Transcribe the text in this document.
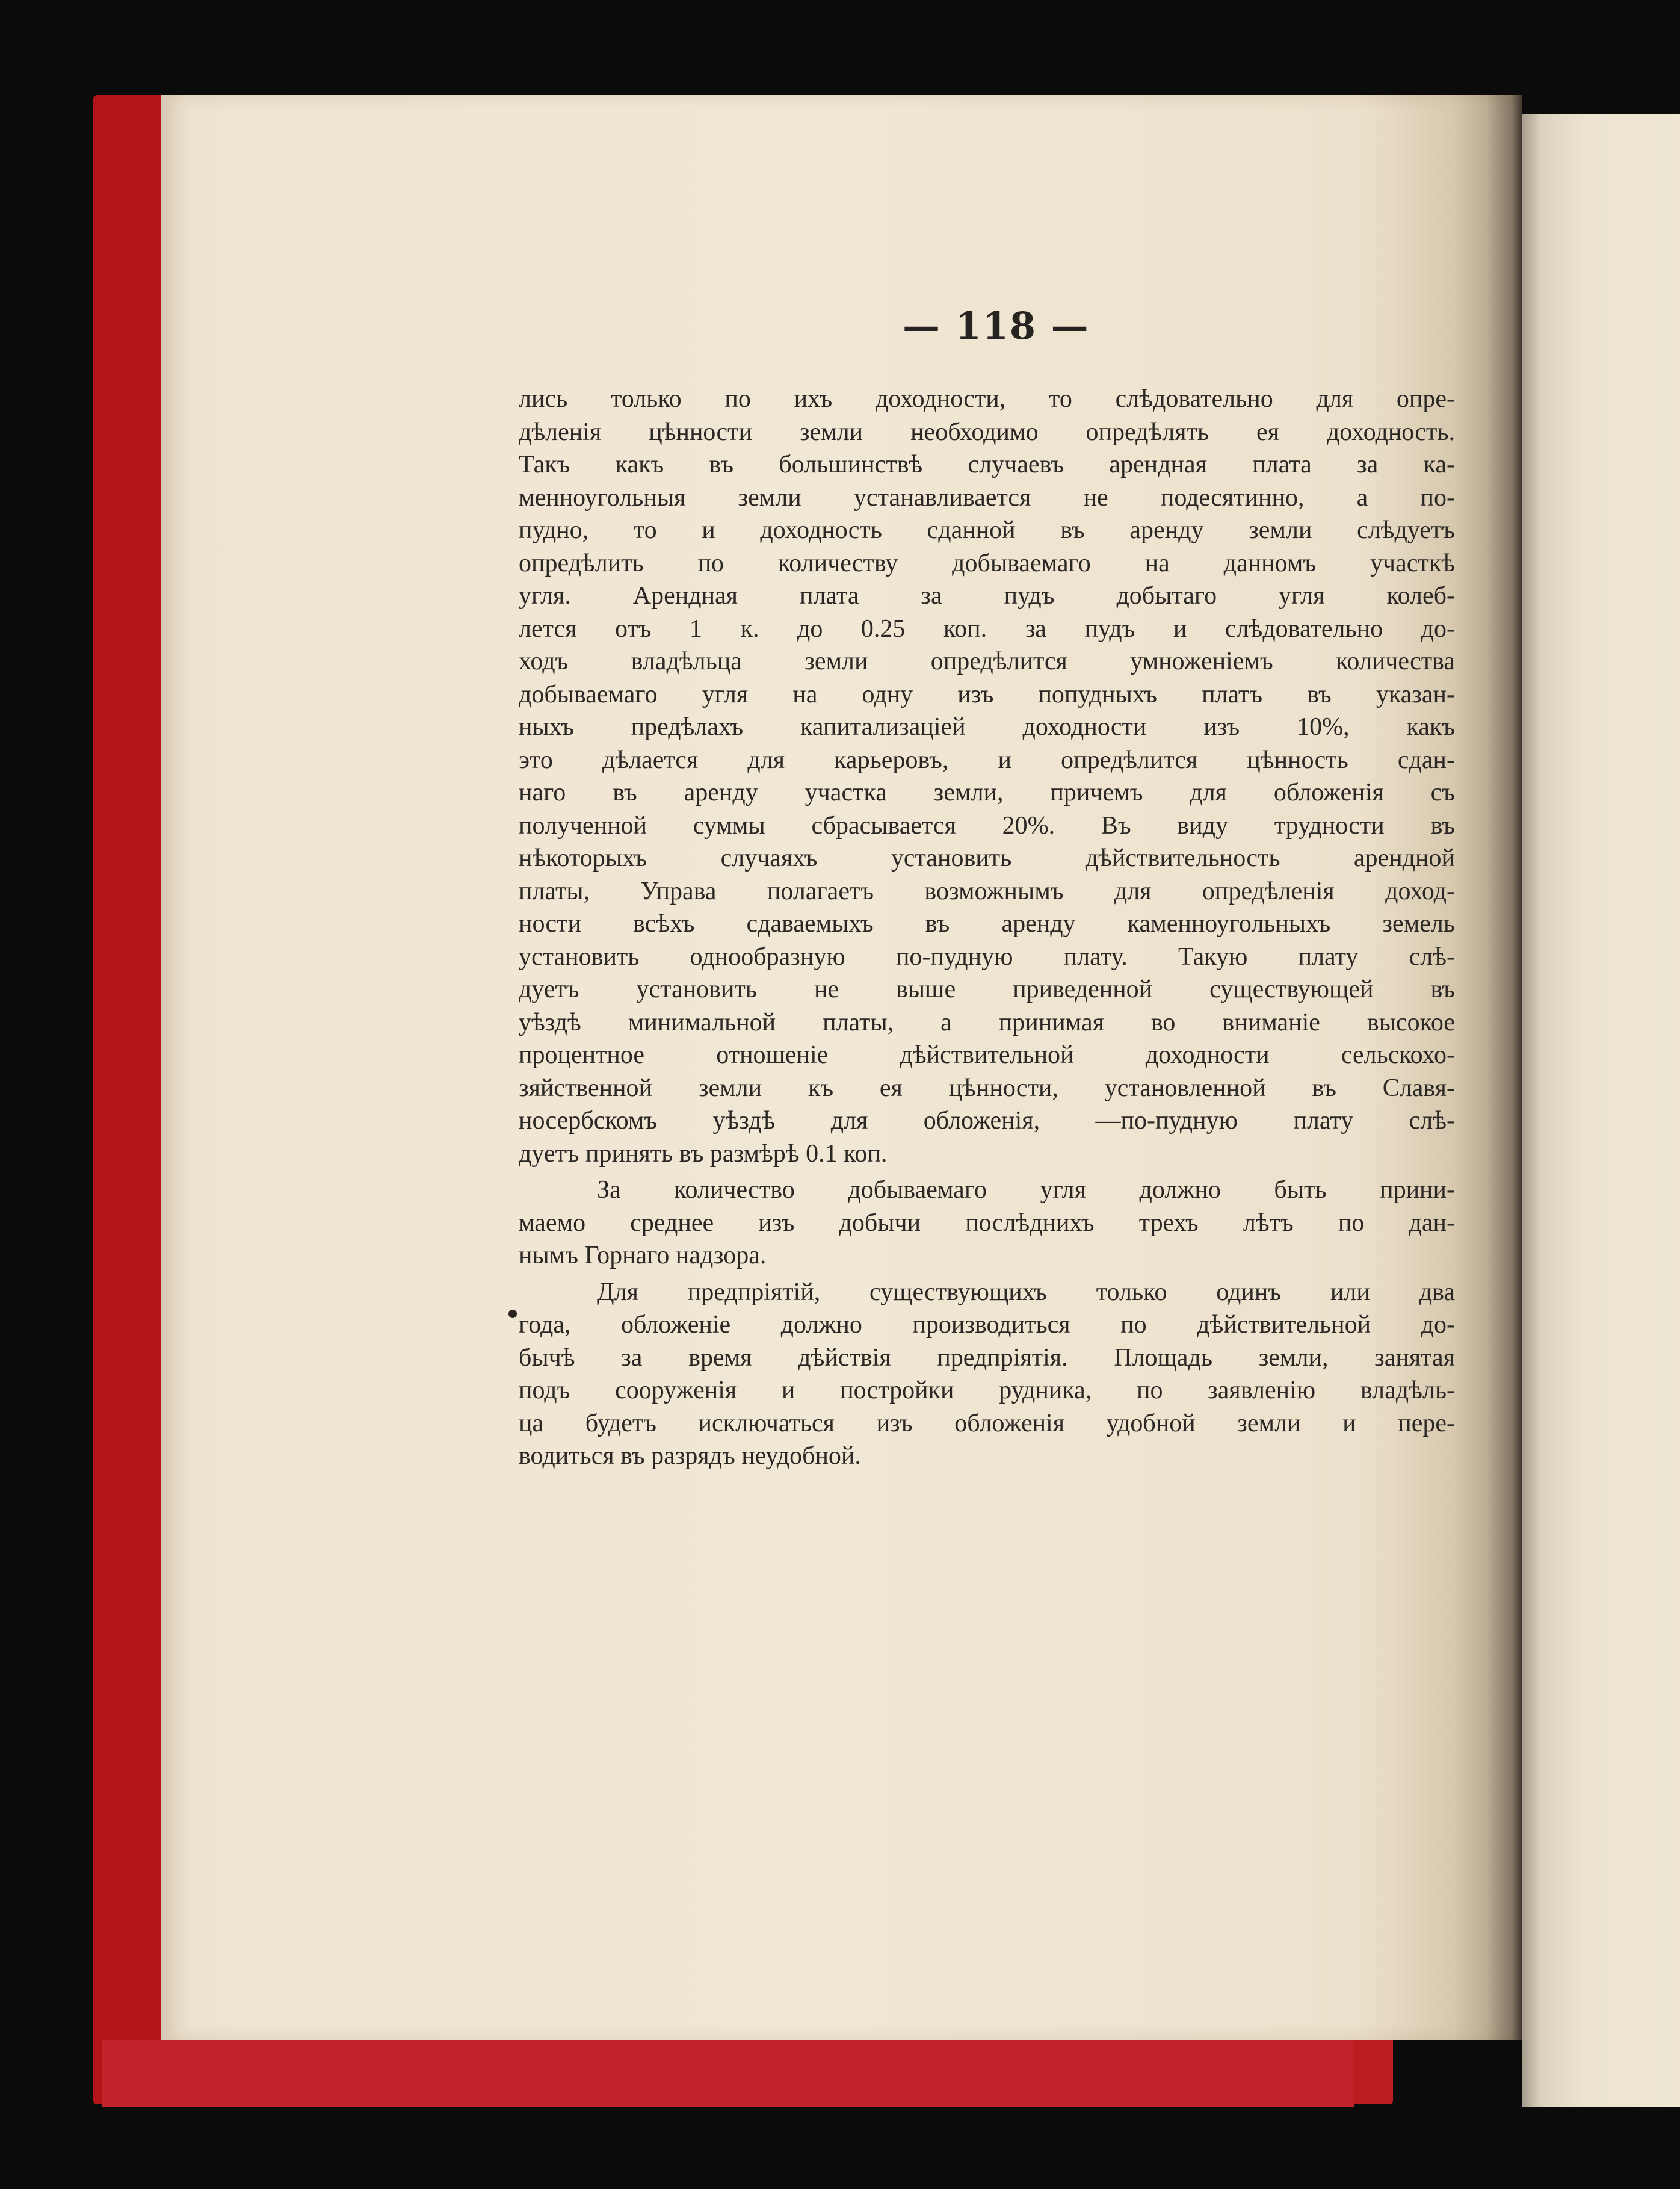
— 118 —
лись только по ихъ доходности, то слѣдовательно для опре-
дѣленія цѣнности земли необходимо опредѣлять ея доходность.
Такъ какъ въ большинствѣ случаевъ арендная плата за ка-
менноугольныя земли устанавливается не подесятинно, а по-
пудно, то и доходность сданной въ аренду земли слѣдуетъ
опредѣлить по количеству добываемаго на данномъ участкѣ
угля. Арендная плата за пудъ добытаго угля колеб-
лется отъ 1 к. до 0.25 коп. за пудъ и слѣдовательно до-
ходъ владѣльца земли опредѣлится умноженіемъ количества
добываемаго угля на одну изъ попудныхъ платъ въ указан-
ныхъ предѣлахъ капитализаціей доходности изъ 10%, какъ
это дѣлается для карьеровъ, и опредѣлится цѣнность сдан-
наго въ аренду участка земли, причемъ для обложенія съ
полученной суммы сбрасывается 20%. Въ виду трудности въ
нѣкоторыхъ случаяхъ установить дѣйствительность арендной
платы, Управа полагаетъ возможнымъ для опредѣленія доход-
ности всѣхъ сдаваемыхъ въ аренду каменноугольныхъ земель
установить однообразную по-пудную плату. Такую плату слѣ-
дуетъ установить не выше приведенной существующей въ
уѣздѣ минимальной платы, а принимая во вниманіе высокое
процентное отношеніе дѣйствительной доходности сельскохо-
зяйственной земли къ ея цѣнности, установленной въ Славя-
носербскомъ уѣздѣ для обложенія, —по-пудную плату слѣ-
дуетъ принять въ размѣрѣ 0.1 коп.
За количество добываемаго угля должно быть прини-
маемо среднее изъ добычи послѣднихъ трехъ лѣтъ по дан-
нымъ Горнаго надзора.
Для предпріятій, существующихъ только одинъ или два
года, обложеніе должно производиться по дѣйствительной до-
бычѣ за время дѣйствія предпріятія. Площадь земли, занятая
подъ сооруженія и постройки рудника, по заявленію владѣль-
ца будетъ исключаться изъ обложенія удобной земли и пере-
водиться въ разрядъ неудобной.
